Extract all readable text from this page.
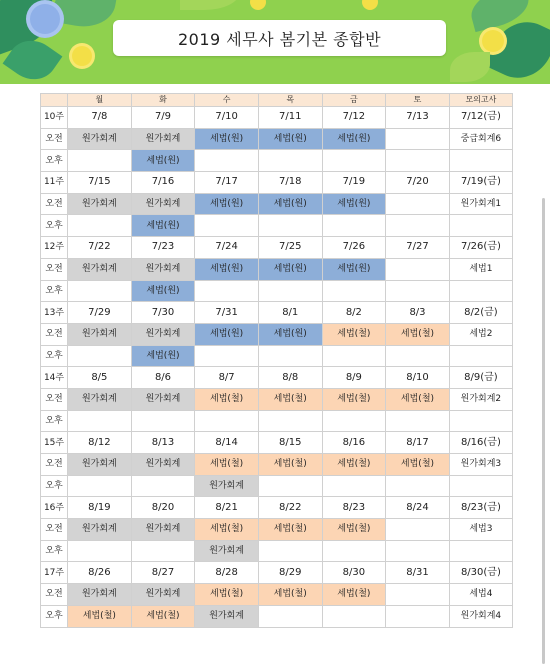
2019 세무사 봄기본 종합반
	월	화	수	목	금	토	모의고사
10주	7/8	7/9	7/10	7/11	7/12	7/13	7/12(금)
오전	원가회계	원가회계	세법(원)	세법(원)	세법(원)		중급회계6
오후		세법(원)					
11주	7/15	7/16	7/17	7/18	7/19	7/20	7/19(금)
오전	원가회계	원가회계	세법(원)	세법(원)	세법(원)		원가회계1
오후		세법(원)					
12주	7/22	7/23	7/24	7/25	7/26	7/27	7/26(금)
오전	원가회계	원가회계	세법(원)	세법(원)	세법(원)		세법1
오후		세법(원)					
13주	7/29	7/30	7/31	8/1	8/2	8/3	8/2(금)
오전	원가회계	원가회계	세법(원)	세법(원)	세법(철)	세법(철)	세법2
오후		세법(원)					
14주	8/5	8/6	8/7	8/8	8/9	8/10	8/9(금)
오전	원가회계	원가회계	세법(철)	세법(철)	세법(철)	세법(철)	원가회계2
오후							
15주	8/12	8/13	8/14	8/15	8/16	8/17	8/16(금)
오전	원가회계	원가회계	세법(철)	세법(철)	세법(철)	세법(철)	원가회계3
오후			원가회계				
16주	8/19	8/20	8/21	8/22	8/23	8/24	8/23(금)
오전	원가회계	원가회계	세법(철)	세법(철)	세법(철)		세법3
오후			원가회계				
17주	8/26	8/27	8/28	8/29	8/30	8/31	8/30(금)
오전	원가회계	원가회계	세법(철)	세법(철)	세법(철)		세법4
오후	세법(철)	세법(철)	원가회계				원가회계4
